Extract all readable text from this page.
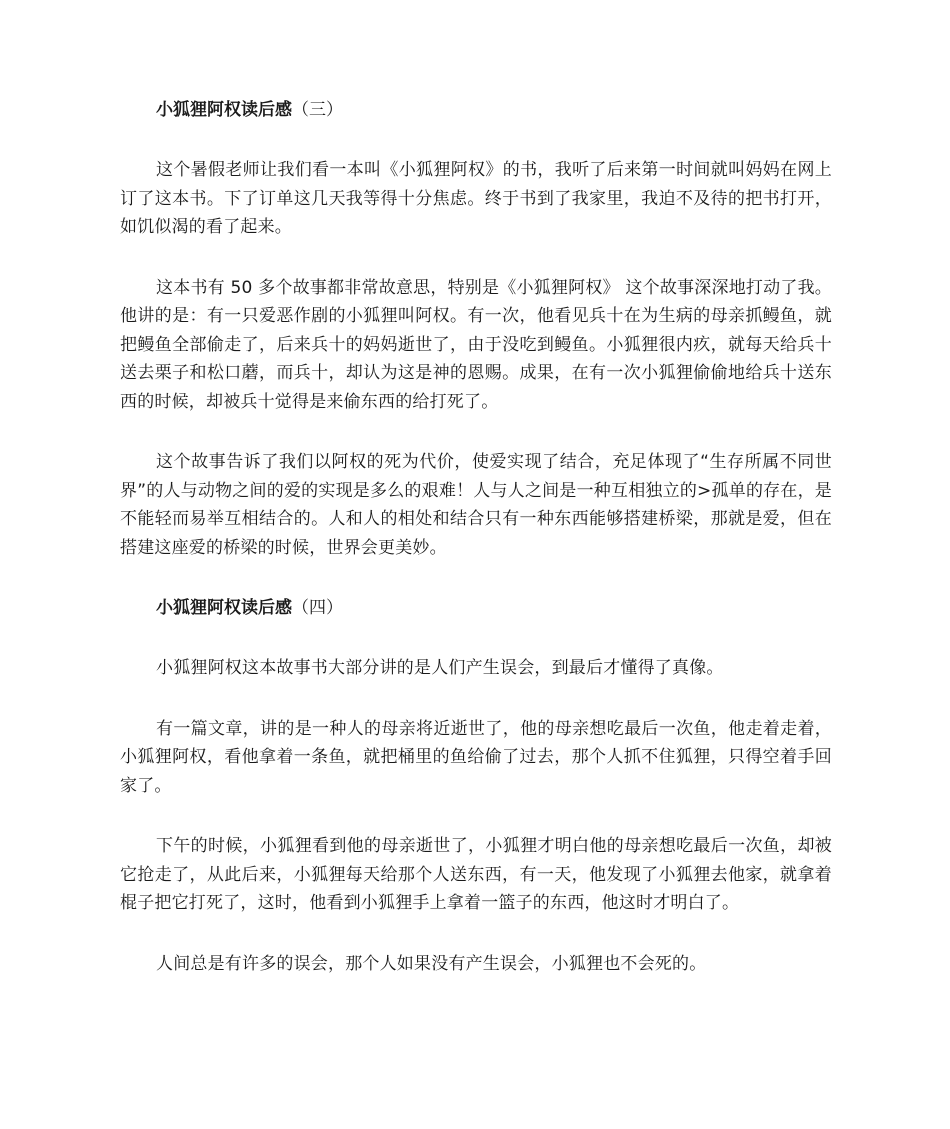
小狐狸阿权读后感（三）

这个暑假老师让我们看一本叫《小狐狸阿权》的书，我听了后来第一时间就叫妈妈在网上订了这本书。下了订单这几天我等得十分焦虑。终于书到了我家里，我迫不及待的把书打开，如饥似渴的看了起来。

这本书有 50 多个故事都非常故意思，特别是《小狐狸阿权》 这个故事深深地打动了我。他讲的是：有一只爱恶作剧的小狐狸叫阿权。有一次，他看见兵十在为生病的母亲抓鳗鱼，就把鳗鱼全部偷走了，后来兵十的妈妈逝世了，由于没吃到鳗鱼。小狐狸很内疚，就每天给兵十送去栗子和松口蘑，而兵十，却认为这是神的恩赐。成果，在有一次小狐狸偷偷地给兵十送东西的时候，却被兵十觉得是来偷东西的给打死了。

这个故事告诉了我们以阿权的死为代价，使爱实现了结合，充足体现了“生存所属不同世界”的人与动物之间的爱的实现是多么的艰难！人与人之间是一种互相独立的>孤单的存在，是不能轻而易举互相结合的。人和人的相处和结合只有一种东西能够搭建桥梁，那就是爱，但在搭建这座爱的桥梁的时候，世界会更美妙。

小狐狸阿权读后感（四）

小狐狸阿权这本故事书大部分讲的是人们产生误会，到最后才懂得了真像。

有一篇文章，讲的是一种人的母亲将近逝世了，他的母亲想吃最后一次鱼，他走着走着，小狐狸阿权，看他拿着一条鱼，就把桶里的鱼给偷了过去，那个人抓不住狐狸，只得空着手回家了。

下午的时候，小狐狸看到他的母亲逝世了，小狐狸才明白他的母亲想吃最后一次鱼，却被它抢走了，从此后来，小狐狸每天给那个人送东西，有一天，他发现了小狐狸去他家，就拿着棍子把它打死了，这时，他看到小狐狸手上拿着一篮子的东西，他这时才明白了。

人间总是有许多的误会，那个人如果没有产生误会，小狐狸也不会死的。
